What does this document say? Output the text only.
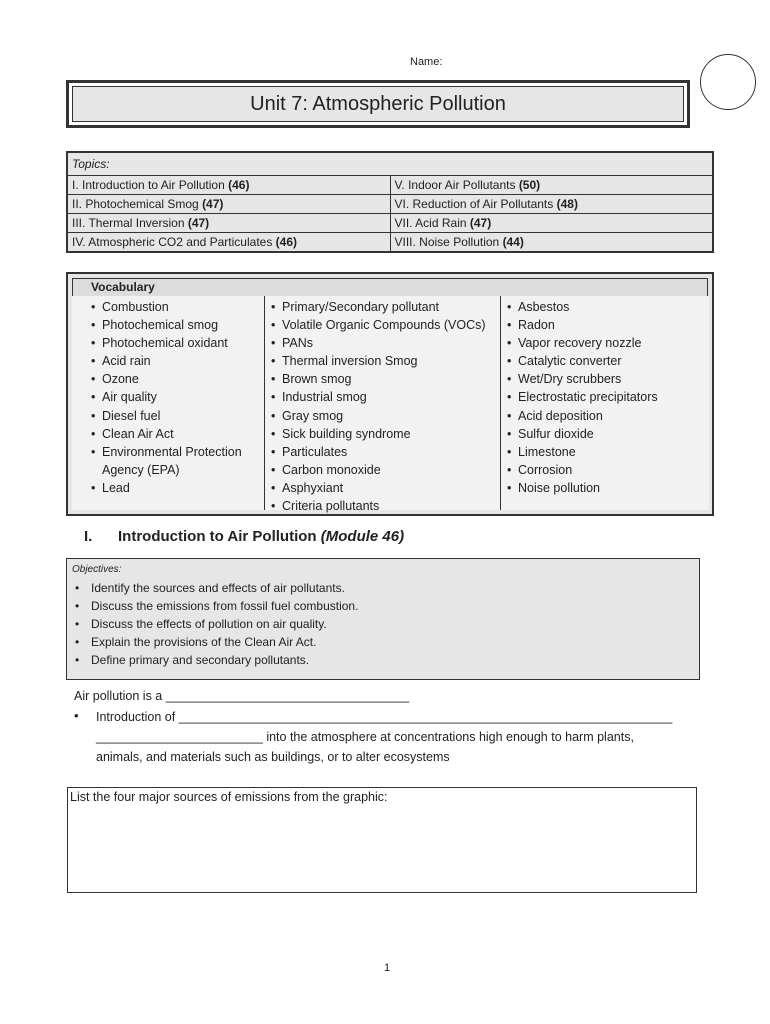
Name:
Unit 7: Atmospheric Pollution
Topics:	
I. Introduction to Air Pollution (46)	V. Indoor Air Pollutants (50)
II. Photochemical Smog (47)	VI. Reduction of Air Pollutants (48)
III. Thermal Inversion (47)	VII. Acid Rain (47)
IV. Atmospheric CO2 and Particulates (46)	VIII. Noise Pollution (44)
Vocabulary
• Combustion
• Photochemical smog
• Photochemical oxidant
• Acid rain
• Ozone
• Air quality
• Diesel fuel
• Clean Air Act
• Environmental Protection
Agency (EPA)
• Lead
• Primary/Secondary pollutant
• Volatile Organic Compounds (VOCs)
• PANs
• Thermal inversion Smog
• Brown smog
• Industrial smog
• Gray smog
• Sick building syndrome
• Particulates
• Carbon monoxide
• Asphyxiant
• Criteria pollutants
• Asbestos
• Radon
• Vapor recovery nozzle
• Catalytic converter
• Wet/Dry scrubbers
• Electrostatic precipitators
• Acid deposition
• Sulfur dioxide
• Limestone
• Corrosion
• Noise pollution
I. Introduction to Air Pollution (Module 46)
Objectives:
• Identify the sources and effects of air pollutants.
• Discuss the emissions from fossil fuel combustion.
• Discuss the effects of pollution on air quality.
• Explain the provisions of the Clean Air Act.
• Define primary and secondary pollutants.
Air pollution is a ___________________________________
• Introduction of _______________________________________________________________________
________________________ into the atmosphere at concentrations high enough to harm plants,
animals, and materials such as buildings, or to alter ecosystems
List the four major sources of emissions from the graphic:
1
